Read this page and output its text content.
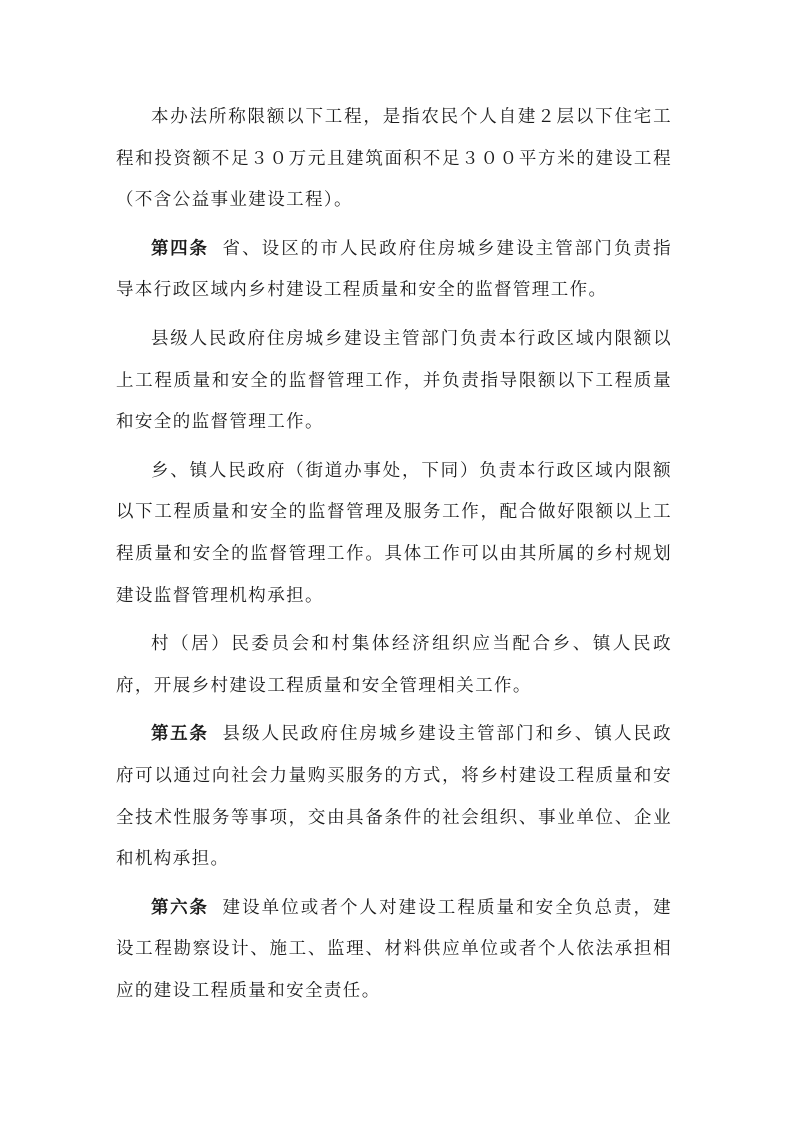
本办法所称限额以下工程，是指农民个人自建２层以下住宅工程和投资额不足３０万元且建筑面积不足３００平方米的建设工程（不含公益事业建设工程）。

第四条 省、设区的市人民政府住房城乡建设主管部门负责指导本行政区域内乡村建设工程质量和安全的监督管理工作。

县级人民政府住房城乡建设主管部门负责本行政区域内限额以上工程质量和安全的监督管理工作，并负责指导限额以下工程质量和安全的监督管理工作。

乡、镇人民政府（街道办事处，下同）负责本行政区域内限额以下工程质量和安全的监督管理及服务工作，配合做好限额以上工程质量和安全的监督管理工作。具体工作可以由其所属的乡村规划建设监督管理机构承担。

村（居）民委员会和村集体经济组织应当配合乡、镇人民政府，开展乡村建设工程质量和安全管理相关工作。

第五条 县级人民政府住房城乡建设主管部门和乡、镇人民政府可以通过向社会力量购买服务的方式，将乡村建设工程质量和安全技术性服务等事项，交由具备条件的社会组织、事业单位、企业和机构承担。

第六条 建设单位或者个人对建设工程质量和安全负总责，建设工程勘察设计、施工、监理、材料供应单位或者个人依法承担相应的建设工程质量和安全责任。
